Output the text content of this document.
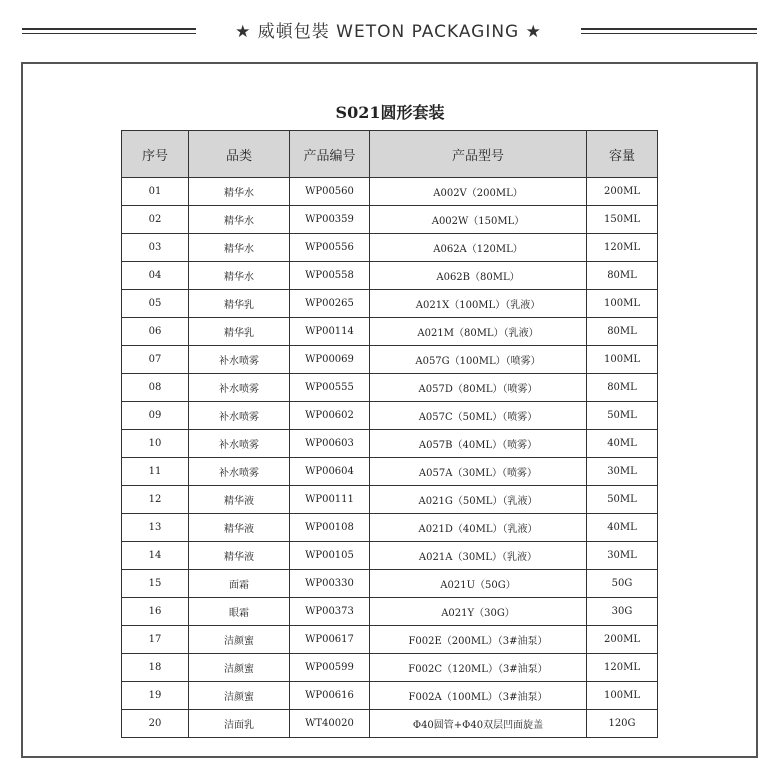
★ 威頓包裝 WETON PACKAGING ★
S021圆形套装
序号	品类	产品编号	产品型号	容量
01	精华水	WP00560	A002V（200ML）	200ML
02	精华水	WP00359	A002W（150ML）	150ML
03	精华水	WP00556	A062A（120ML）	120ML
04	精华水	WP00558	A062B（80ML）	80ML
05	精华乳	WP00265	A021X（100ML）（乳液）	100ML
06	精华乳	WP00114	A021M（80ML）（乳液）	80ML
07	补水喷雾	WP00069	A057G（100ML）（喷雾）	100ML
08	补水喷雾	WP00555	A057D（80ML）（喷雾）	80ML
09	补水喷雾	WP00602	A057C（50ML）（喷雾）	50ML
10	补水喷雾	WP00603	A057B（40ML）（喷雾）	40ML
11	补水喷雾	WP00604	A057A（30ML）（喷雾）	30ML
12	精华液	WP00111	A021G（50ML）（乳液）	50ML
13	精华液	WP00108	A021D（40ML）（乳液）	40ML
14	精华液	WP00105	A021A（30ML）（乳液）	30ML
15	面霜	WP00330	A021U（50G）	50G
16	眼霜	WP00373	A021Y（30G）	30G
17	洁颜蜜	WP00617	F002E（200ML）（3#油泵）	200ML
18	洁颜蜜	WP00599	F002C（120ML）（3#油泵）	120ML
19	洁颜蜜	WP00616	F002A（100ML）（3#油泵）	100ML
20	洁面乳	WT40020	Φ40圆管+Φ40双层凹面旋盖	120G
